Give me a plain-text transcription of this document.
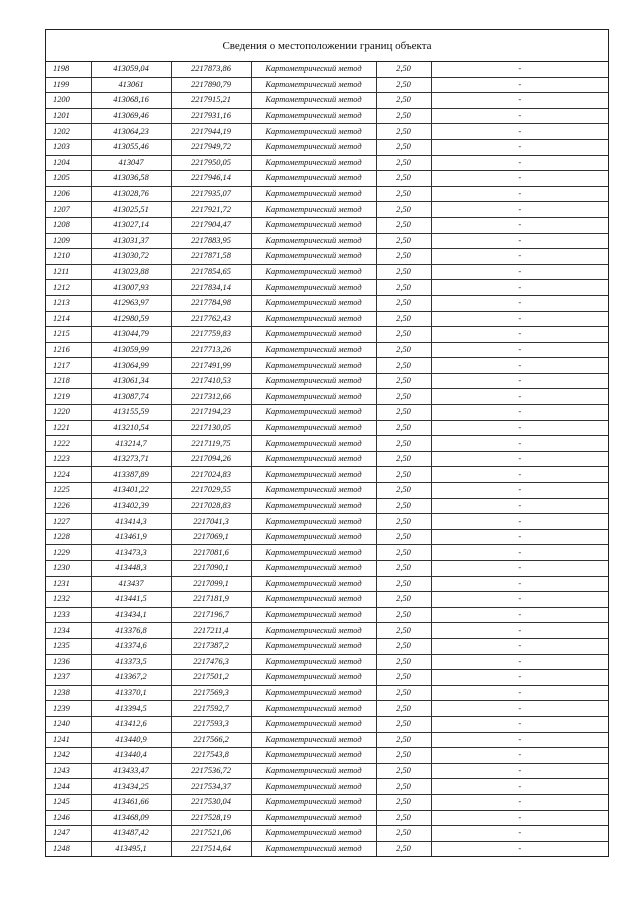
Сведения о местоположении границ объекта
1198	413059,04	2217873,86	Картометрический метод	2,50	-
1199	413061	2217890,79	Картометрический метод	2,50	-
1200	413068,16	2217915,21	Картометрический метод	2,50	-
1201	413069,46	2217931,16	Картометрический метод	2,50	-
1202	413064,23	2217944,19	Картометрический метод	2,50	-
1203	413055,46	2217949,72	Картометрический метод	2,50	-
1204	413047	2217950,05	Картометрический метод	2,50	-
1205	413036,58	2217946,14	Картометрический метод	2,50	-
1206	413028,76	2217935,07	Картометрический метод	2,50	-
1207	413025,51	2217921,72	Картометрический метод	2,50	-
1208	413027,14	2217904,47	Картометрический метод	2,50	-
1209	413031,37	2217883,95	Картометрический метод	2,50	-
1210	413030,72	2217871,58	Картометрический метод	2,50	-
1211	413023,88	2217854,65	Картометрический метод	2,50	-
1212	413007,93	2217834,14	Картометрический метод	2,50	-
1213	412963,97	2217784,98	Картометрический метод	2,50	-
1214	412980,59	2217762,43	Картометрический метод	2,50	-
1215	413044,79	2217759,83	Картометрический метод	2,50	-
1216	413059,99	2217713,26	Картометрический метод	2,50	-
1217	413064,99	2217491,99	Картометрический метод	2,50	-
1218	413061,34	2217410,53	Картометрический метод	2,50	-
1219	413087,74	2217312,66	Картометрический метод	2,50	-
1220	413155,59	2217194,23	Картометрический метод	2,50	-
1221	413210,54	2217130,05	Картометрический метод	2,50	-
1222	413214,7	2217119,75	Картометрический метод	2,50	-
1223	413273,71	2217094,26	Картометрический метод	2,50	-
1224	413387,89	2217024,83	Картометрический метод	2,50	-
1225	413401,22	2217029,55	Картометрический метод	2,50	-
1226	413402,39	2217028,83	Картометрический метод	2,50	-
1227	413414,3	2217041,3	Картометрический метод	2,50	-
1228	413461,9	2217069,1	Картометрический метод	2,50	-
1229	413473,3	2217081,6	Картометрический метод	2,50	-
1230	413448,3	2217090,1	Картометрический метод	2,50	-
1231	413437	2217099,1	Картометрический метод	2,50	-
1232	413441,5	2217181,9	Картометрический метод	2,50	-
1233	413434,1	2217196,7	Картометрический метод	2,50	-
1234	413376,8	2217211,4	Картометрический метод	2,50	-
1235	413374,6	2217387,2	Картометрический метод	2,50	-
1236	413373,5	2217476,3	Картометрический метод	2,50	-
1237	413367,2	2217501,2	Картометрический метод	2,50	-
1238	413370,1	2217569,3	Картометрический метод	2,50	-
1239	413394,5	2217592,7	Картометрический метод	2,50	-
1240	413412,6	2217593,3	Картометрический метод	2,50	-
1241	413440,9	2217566,2	Картометрический метод	2,50	-
1242	413440,4	2217543,8	Картометрический метод	2,50	-
1243	413433,47	2217536,72	Картометрический метод	2,50	-
1244	413434,25	2217534,37	Картометрический метод	2,50	-
1245	413461,66	2217530,04	Картометрический метод	2,50	-
1246	413468,09	2217528,19	Картометрический метод	2,50	-
1247	413487,42	2217521,06	Картометрический метод	2,50	-
1248	413495,1	2217514,64	Картометрический метод	2,50	-
